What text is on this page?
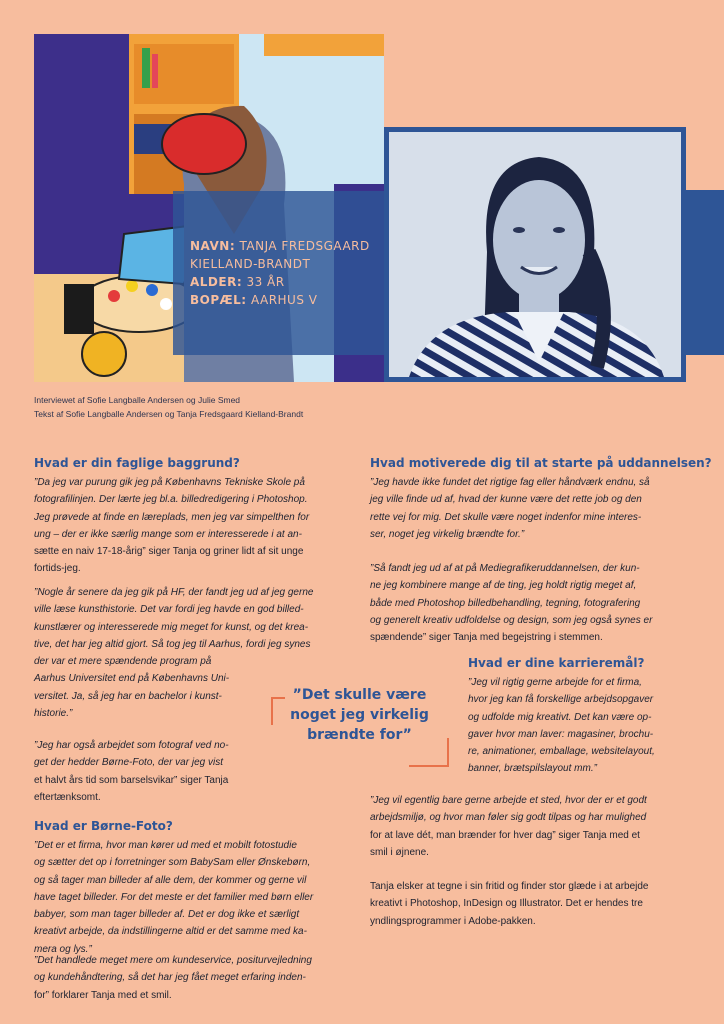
NAVN: TANJA FREDSGAARD
KIELLAND-BRANDT
ALDER: 33 ÅR
BOPÆL: AARHUS V
Interviewet af Sofie Langballe Andersen og Julie Smed
Tekst af Sofie Langballe Andersen og Tanja Fredsgaard Kielland-Brandt
Hvad er din faglige baggrund?
”Da jeg var purung gik jeg på Københavns Tekniske Skole på
fotografilinjen. Der lærte jeg bl.a. billedredigering i Photoshop.
Jeg prøvede at finde en læreplads, men jeg var simpelthen for
ung – der er ikke særlig mange som er interesserede i at an-
sætte en naiv 17-18-årig” siger Tanja og griner lidt af sit unge
fortids-jeg.
”Nogle år senere da jeg gik på HF, der fandt jeg ud af jeg gerne
ville læse kunsthistorie. Det var fordi jeg havde en god billed-
kunstlærer og interesserede mig meget for kunst, og det krea-
tive, det har jeg altid gjort. Så tog jeg til Aarhus, fordi jeg synes
der var et mere spændende program på
Aarhus Universitet end på Københavns Uni-
versitet. Ja, så jeg har en bachelor i kunst-
historie.”
”Jeg har også arbejdet som fotograf ved no-
get der hedder Børne-Foto, der var jeg vist
et halvt års tid som barselsvikar” siger Tanja
eftertænksomt.
Hvad er Børne-Foto?
”Det er et firma, hvor man kører ud med et mobilt fotostudie
og sætter det op i forretninger som BabySam eller Ønskebørn,
og så tager man billeder af alle dem, der kommer og gerne vil
have taget billeder. For det meste er det familier med børn eller
babyer, som man tager billeder af. Det er dog ikke et særligt
kreativt arbejde, da indstillingerne altid er det samme med ka-
mera og lys.”
”Det handlede meget mere om kundeservice, positurvejledning
og kundehåndtering, så det har jeg fået meget erfaring inden-
for” forklarer Tanja med et smil.
”Det skulle være
noget jeg virkelig
brændte for”
Hvad motiverede dig til at starte på uddannelsen?
”Jeg havde ikke fundet det rigtige fag eller håndværk endnu, så
jeg ville finde ud af, hvad der kunne være det rette job og den
rette vej for mig. Det skulle være noget indenfor mine interes-
ser, noget jeg virkelig brændte for.”
”Så fandt jeg ud af at på Mediegrafikeruddannelsen, der kun-
ne jeg kombinere mange af de ting, jeg holdt rigtig meget af,
både med Photoshop billedbehandling, tegning, fotografering
og generelt kreativ udfoldelse og design, som jeg også synes er
spændende” siger Tanja med begejstring i stemmen.
Hvad er dine karrieremål?
”Jeg vil rigtig gerne arbejde for et firma,
hvor jeg kan få forskellige arbejdsopgaver
og udfolde mig kreativt. Det kan være op-
gaver hvor man laver: magasiner, brochu-
re, animationer, emballage, websitelayout,
banner, brætspilslayout mm.”
”Jeg vil egentlig bare gerne arbejde et sted, hvor der er et godt
arbejdsmiljø, og hvor man føler sig godt tilpas og har mulighed
for at lave dét, man brænder for hver dag” siger Tanja med et
smil i øjnene.
Tanja elsker at tegne i sin fritid og finder stor glæde i at arbejde
kreativt i Photoshop, InDesign og Illustrator. Det er hendes tre
yndlingsprogrammer i Adobe-pakken.
